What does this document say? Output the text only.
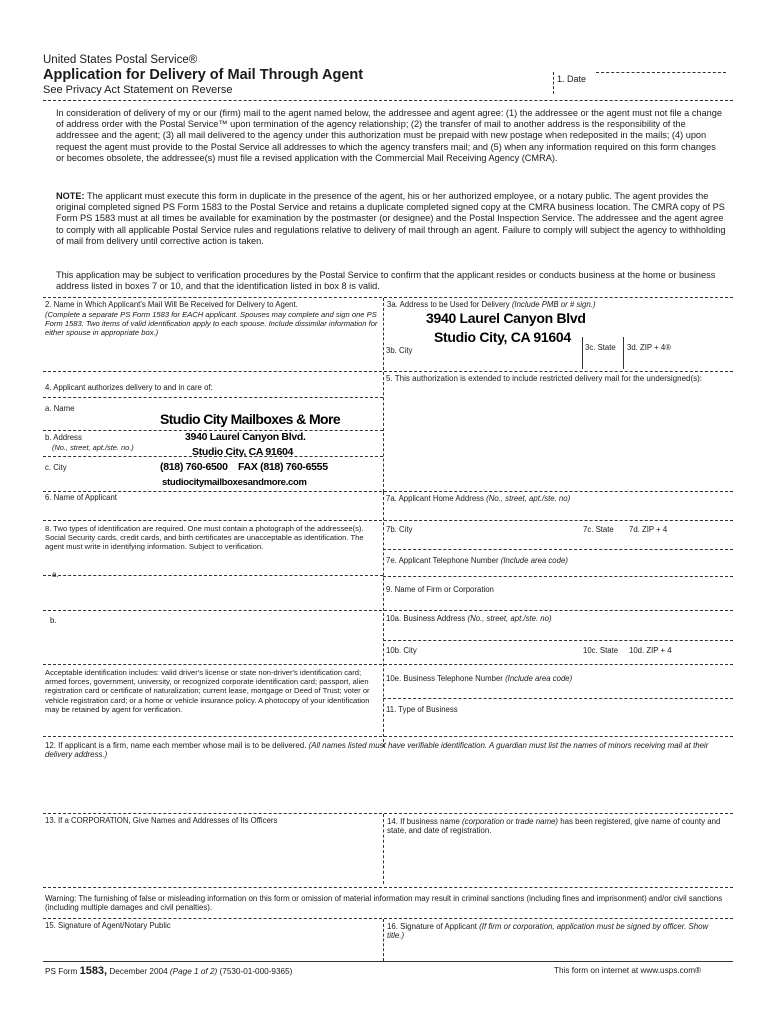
United States Postal Service®
Application for Delivery of Mail Through Agent
See Privacy Act Statement on Reverse
1. Date
In consideration of delivery of my or our (firm) mail to the agent named below, the addressee and agent agree: (1) the addressee or the agent must not file a change of address order with the Postal Service™ upon termination of the agency relationship; (2) the transfer of mail to another address is the responsibility of the addressee and the agent; (3) all mail delivered to the agency under this authorization must be prepaid with new postage when redeposited in the mails; (4) upon request the agent must provide to the Postal Service all addresses to which the agency transfers mail; and (5) when any information required on this form changes or becomes obsolete, the addressee(s) must file a revised application with the Commercial Mail Receiving Agency (CMRA).
NOTE: The applicant must execute this form in duplicate in the presence of the agent, his or her authorized employee, or a notary public. The agent provides the original completed signed PS Form 1583 to the Postal Service and retains a duplicate completed signed copy at the CMRA business location. The CMRA copy of PS Form PS 1583 must at all times be available for examination by the postmaster (or designee) and the Postal Inspection Service. The addressee and the agent agree to comply with all applicable Postal Service rules and regulations relative to delivery of mail through an agent. Failure to comply will subject the agency to withholding of mail from delivery until corrective action is taken.
This application may be subject to verification procedures by the Postal Service to confirm that the applicant resides or conducts business at the home or business address listed in boxes 7 or 10, and that the identification listed in box 8 is valid.
2. Name in Which Applicant's Mail Will Be Received for Delivery to Agent.
(Complete a separate PS Form 1583 for EACH applicant. Spouses may complete and sign one PS Form 1583. Two items of valid identification apply to each spouse. Include dissimilar information for either spouse in appropriate box.)
3a. Address to be Used for Delivery (Include PMB or # sign.)
3940 Laurel Canyon Blvd
Studio City, CA 91604
3b. City	3c. State 3d. ZIP + 4®
4. Applicant authorizes delivery to and in care of:
5. This authorization is extended to include restricted delivery mail for the undersigned(s):
a. Name
Studio City Mailboxes & More
b. Address
(No., street, apt./ste. no.)
3940 Laurel Canyon Blvd.
Studio City, CA 91604
c. City	(818) 760-6500 FAX (818) 760-6555
studiocitymailboxesandmore.com
6. Name of Applicant	7a. Applicant Home Address (No., street, apt./ste. no)
8. Two types of identification are required. One must contain a photograph of the addressee(s). Social Security cards, credit cards, and birth certificates are unacceptable as identification. The agent must write in identifying information. Subject to verification.
a.
7b. City	7c. State 7d. ZIP + 4
7e. Applicant Telephone Number (Include area code)
9. Name of Firm or Corporation
b.	10a. Business Address (No., street, apt./ste. no)
10b. City	10c. State 10d. ZIP + 4
Acceptable identification includes: valid driver's license or state non-driver's identification card; armed forces, government, university, or recognized corporate identification card; passport, alien registration card or certificate of naturalization; current lease, mortgage or Deed of Trust; voter or vehicle registration card; or a home or vehicle insurance policy. A photocopy of your identification may be retained by agent for verification.
10e. Business Telephone Number (Include area code)
11. Type of Business
12. If applicant is a firm, name each member whose mail is to be delivered. (All names listed must have verifiable identification. A guardian must list the names of minors receiving mail at their delivery address.)
13. If a CORPORATION, Give Names and Addresses of Its Officers	14. If business name (corporation or trade name) has been registered, give name of county and state, and date of registration.
Warning: The furnishing of false or misleading information on this form or omission of material information may result in criminal sanctions (including fines and imprisonment) and/or civil sanctions (including multiple damages and civil penalties).
15. Signature of Agent/Notary Public	16. Signature of Applicant (If firm or corporation, application must be signed by officer. Show title.)
PS Form 1583, December 2004 (Page 1 of 2) (7530-01-000-9365)	This form on internet at www.usps.com®
